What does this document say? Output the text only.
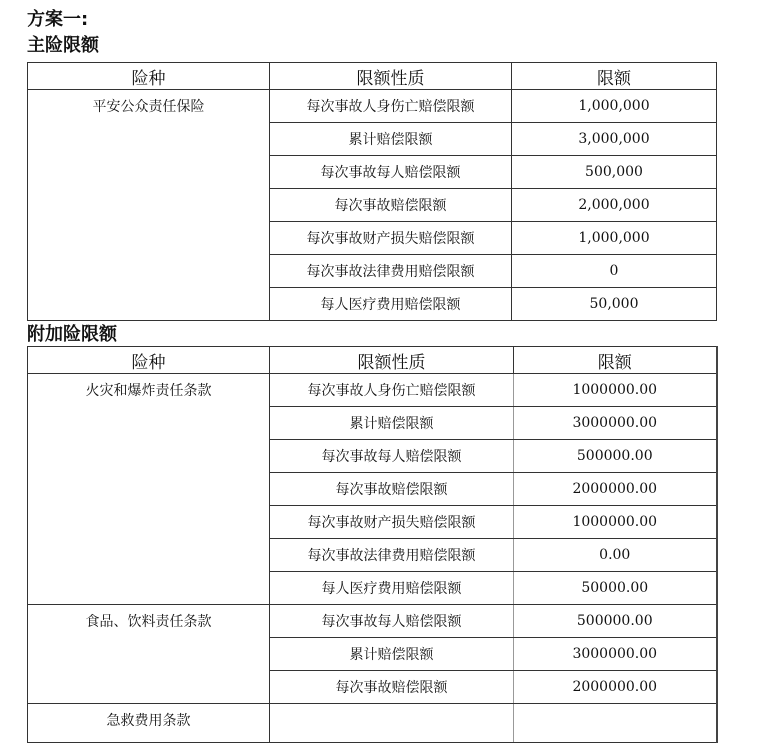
方案一:
主险限额
险种	限额性质	限额
平安公众责任保险	每次事故人身伤亡赔偿限额	1,000,000
	累计赔偿限额	3,000,000
	每次事故每人赔偿限额	500,000
	每次事故赔偿限额	2,000,000
	每次事故财产损失赔偿限额	1,000,000
	每次事故法律费用赔偿限额	0
	每人医疗费用赔偿限额	50,000
附加险限额
险种	限额性质	限额
火灾和爆炸责任条款	每次事故人身伤亡赔偿限额	1000000.00
	累计赔偿限额	3000000.00
	每次事故每人赔偿限额	500000.00
	每次事故赔偿限额	2000000.00
	每次事故财产损失赔偿限额	1000000.00
	每次事故法律费用赔偿限额	0.00
	每人医疗费用赔偿限额	50000.00
食品、饮料责任条款	每次事故每人赔偿限额	500000.00
	累计赔偿限额	3000000.00
	每次事故赔偿限额	2000000.00
急救费用条款		
